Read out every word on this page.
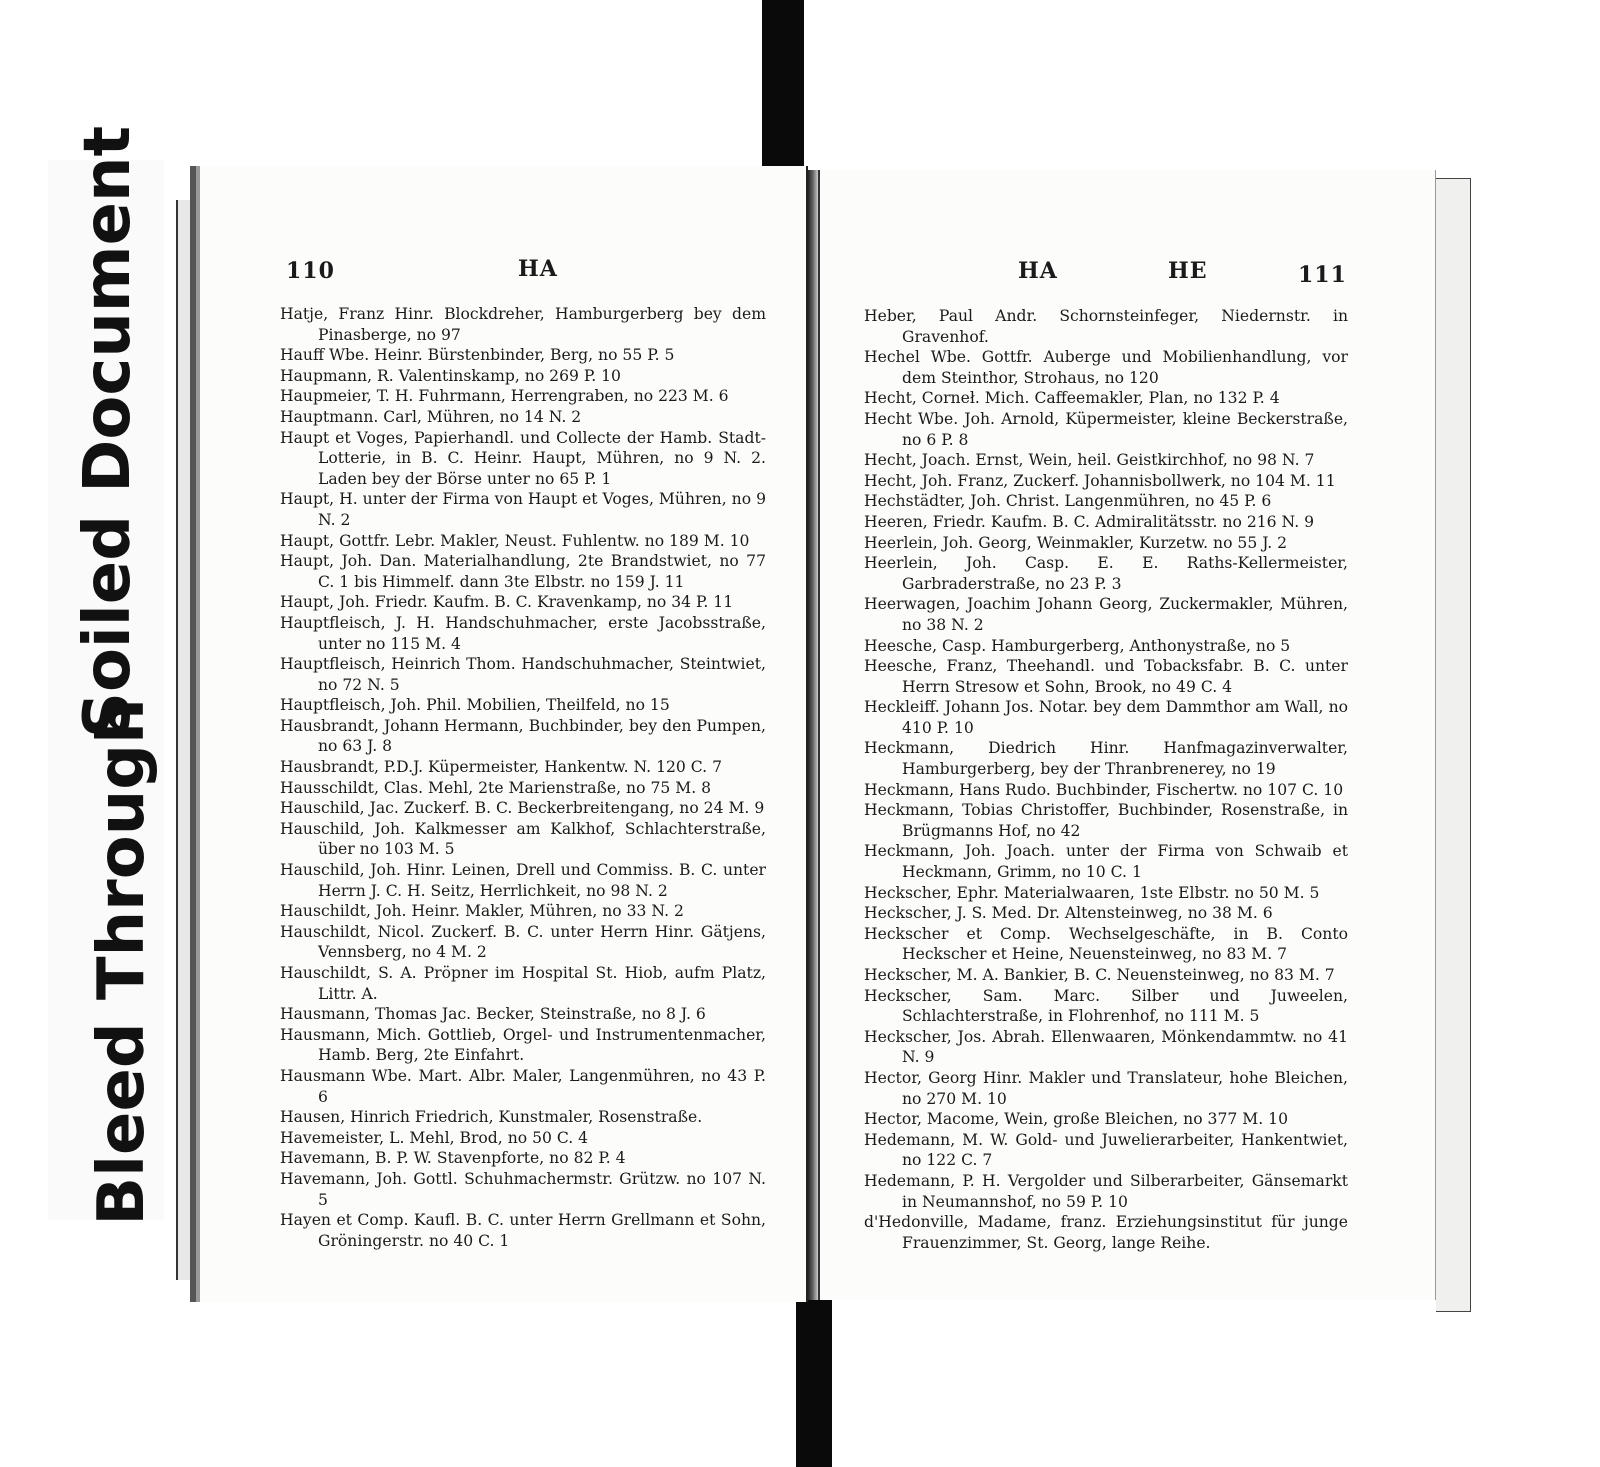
Soiled Document
Bleed Through
110	HA

Hatje, Franz Hinr. Blockdreher, Hamburgerberg bey dem Pinasberge, no 97

Hauff Wbe. Heinr. Bürstenbinder, Berg, no 55 P. 5

Haupmann, R. Valentinskamp, no 269 P. 10

Haupmeier, T. H. Fuhrmann, Herrengraben, no 223 M. 6

Hauptmann. Carl, Mühren, no 14 N. 2

Haupt et Voges, Papierhandl. und Collecte der Hamb. Stadt-Lotterie, in B. C. Heinr. Haupt, Mühren, no 9 N. 2. Laden bey der Börse unter no 65 P. 1

Haupt, H. unter der Firma von Haupt et Voges, Mühren, no 9 N. 2

Haupt, Gottfr. Lebr. Makler, Neust. Fuhlentw. no 189 M. 10

Haupt, Joh. Dan. Materialhandlung, 2te Brandstwiet, no 77 C. 1 bis Himmelf. dann 3te Elbstr. no 159 J. 11

Haupt, Joh. Friedr. Kaufm. B. C. Kravenkamp, no 34 P. 11

Hauptfleisch, J. H. Handschuhmacher, erste Jacobsstraße, unter no 115 M. 4

Hauptfleisch, Heinrich Thom. Handschuhmacher, Steintwiet, no 72 N. 5

Hauptfleisch, Joh. Phil. Mobilien, Theilfeld, no 15

Hausbrandt, Johann Hermann, Buchbinder, bey den Pumpen, no 63 J. 8

Hausbrandt, P.D.J. Küpermeister, Hankentw. N. 120 C. 7

Hausschildt, Clas. Mehl, 2te Marienstraße, no 75 M. 8

Hauschild, Jac. Zuckerf. B. C. Beckerbreitengang, no 24 M. 9

Hauschild, Joh. Kalkmesser am Kalkhof, Schlachterstraße, über no 103 M. 5

Hauschild, Joh. Hinr. Leinen, Drell und Commiss. B. C. unter Herrn J. C. H. Seitz, Herrlichkeit, no 98 N. 2

Hauschildt, Joh. Heinr. Makler, Mühren, no 33 N. 2

Hauschildt, Nicol. Zuckerf. B. C. unter Herrn Hinr. Gätjens, Vennsberg, no 4 M. 2

Hauschildt, S. A. Pröpner im Hospital St. Hiob, aufm Platz, Littr. A.

Hausmann, Thomas Jac. Becker, Steinstraße, no 8 J. 6

Hausmann, Mich. Gottlieb, Orgel- und Instrumentenmacher, Hamb. Berg, 2te Einfahrt.

Hausmann Wbe. Mart. Albr. Maler, Langenmühren, no 43 P. 6

Hausen, Hinrich Friedrich, Kunstmaler, Rosenstraße.

Havemeister, L. Mehl, Brod, no 50 C. 4

Havemann, B. P. W. Stavenpforte, no 82 P. 4

Havemann, Joh. Gottl. Schuhmachermstr. Grützw. no 107 N. 5

Hayen et Comp. Kaufl. B. C. unter Herrn Grellmann et Sohn, Gröningerstr. no 40 C. 1

HA	HE	111

Heber, Paul Andr. Schornsteinfeger, Niedernstr. in Gravenhof.

Hechel Wbe. Gottfr. Auberge und Mobilienhandlung, vor dem Steinthor, Strohaus, no 120

Hecht, Corneł. Mich. Caffeemakler, Plan, no 132 P. 4

Hecht Wbe. Joh. Arnold, Küpermeister, kleine Beckerstraße, no 6 P. 8

Hecht, Joach. Ernst, Wein, heil. Geistkirchhof, no 98 N. 7

Hecht, Joh. Franz, Zuckerf. Johannisbollwerk, no 104 M. 11

Hechstädter, Joh. Christ. Langenmühren, no 45 P. 6

Heeren, Friedr. Kaufm. B. C. Admiralitätsstr. no 216 N. 9

Heerlein, Joh. Georg, Weinmakler, Kurzetw. no 55 J. 2

Heerlein, Joh. Casp. E. E. Raths-Kellermeister, Garbraderstraße, no 23 P. 3

Heerwagen, Joachim Johann Georg, Zuckermakler, Mühren, no 38 N. 2

Heesche, Casp. Hamburgerberg, Anthonystraße, no 5

Heesche, Franz, Theehandl. und Tobacksfabr. B. C. unter Herrn Stresow et Sohn, Brook, no 49 C. 4

Heckleiff. Johann Jos. Notar. bey dem Dammthor am Wall, no 410 P. 10

Heckmann, Diedrich Hinr. Hanfmagazinverwalter, Hamburgerberg, bey der Thranbrenerey, no 19

Heckmann, Hans Rudo. Buchbinder, Fischertw. no 107 C. 10

Heckmann, Tobias Christoffer, Buchbinder, Rosenstraße, in Brügmanns Hof, no 42

Heckmann, Joh. Joach. unter der Firma von Schwaib et Heckmann, Grimm, no 10 C. 1

Heckscher, Ephr. Materialwaaren, 1ste Elbstr. no 50 M. 5

Heckscher, J. S. Med. Dr. Altensteinweg, no 38 M. 6

Heckscher et Comp. Wechselgeschäfte, in B. Conto Heckscher et Heine, Neuensteinweg, no 83 M. 7

Heckscher, M. A. Bankier, B. C. Neuensteinweg, no 83 M. 7

Heckscher, Sam. Marc. Silber und Juweelen, Schlachterstraße, in Flohrenhof, no 111 M. 5

Heckscher, Jos. Abrah. Ellenwaaren, Mönkendammtw. no 41 N. 9

Hector, Georg Hinr. Makler und Translateur, hohe Bleichen, no 270 M. 10

Hector, Macome, Wein, große Bleichen, no 377 M. 10

Hedemann, M. W. Gold- und Juwelierarbeiter, Hankentwiet, no 122 C. 7

Hedemann, P. H. Vergolder und Silberarbeiter, Gänsemarkt in Neumannshof, no 59 P. 10

d'Hedonville, Madame, franz. Erziehungsinstitut für junge Frauenzimmer, St. Georg, lange Reihe.
